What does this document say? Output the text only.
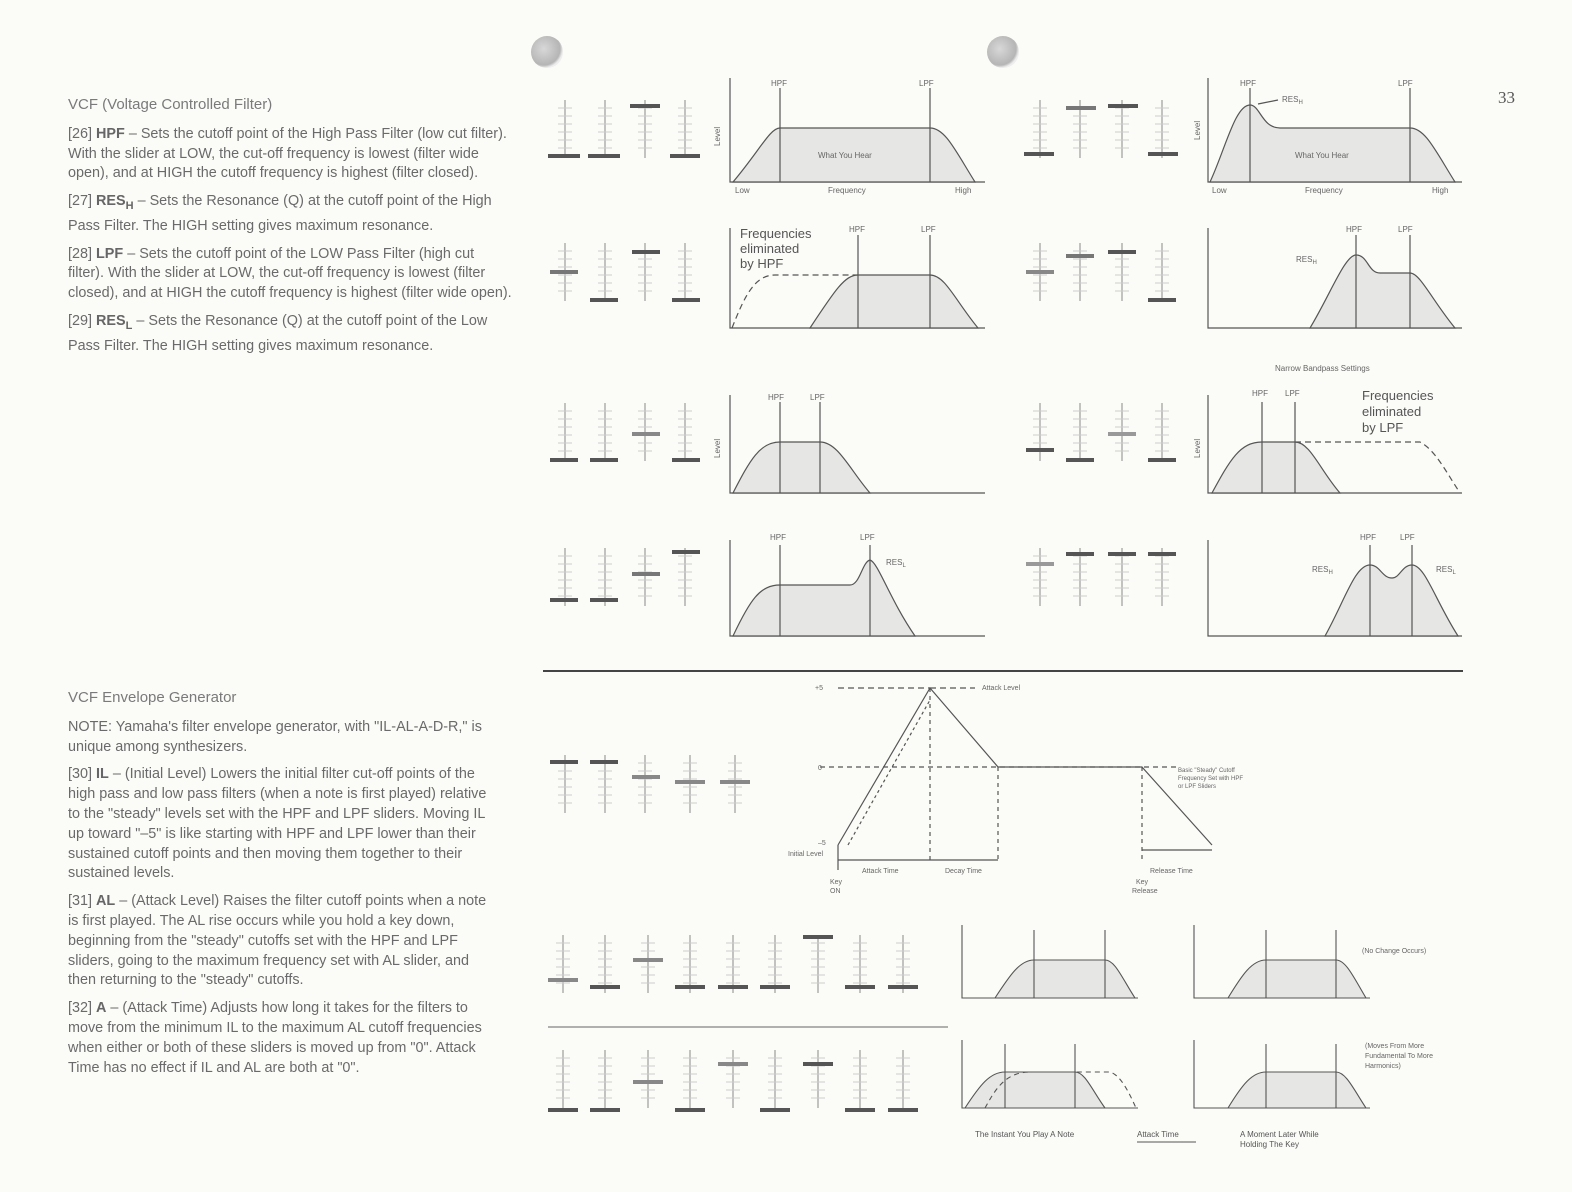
33
VCF (Voltage Controlled Filter)

[26] HPF – Sets the cutoff point of the High Pass Filter (low cut filter). With the slider at LOW, the cut-off frequency is lowest (filter wide open), and at HIGH the cutoff frequency is highest (filter closed).

[27] $RES_H$ – Sets the Resonance (Q) at the cutoff point of the High Pass Filter. The HIGH setting gives maximum resonance.

[28] LPF – Sets the cutoff point of the LOW Pass Filter (high cut filter). With the slider at LOW, the cut-off frequency is lowest (filter closed), and at HIGH the cutoff frequency is highest (filter wide open).

[29] $RES_L$ – Sets the Resonance (Q) at the cutoff point of the Low Pass Filter. The HIGH setting gives maximum resonance.

VCF Envelope Generator

NOTE: Yamaha's filter envelope generator, with "IL-AL-A-D-R," is unique among synthesizers.

[30] IL – (Initial Level) Lowers the initial filter cut-off points of the high pass and low pass filters (when a note is first played) relative to the "steady" levels set with the HPF and LPF sliders. Moving IL up toward "–5" is like starting with HPF and LPF lower than their sustained cutoff points and then moving them together to their sustained levels.

[31] AL – (Attack Level) Raises the filter cutoff points when a note is first played. The AL rise occurs while you hold a key down, beginning from the "steady" cutoffs set with the HPF and LPF sliders, going to the maximum frequency set with AL slider, and then returning to the "steady" cutoffs.

[32] A – (Attack Time) Adjusts how long it takes for the filters to move from the minimum IL to the maximum AL cutoff frequencies when either or both of these sliders is moved up from "0". Attack Time has no effect if IL and AL are both at "0".

HPF	LPF
Level
What You Hear
Low	Frequency	High
Frequencies
eliminated
by HPF
HPF	LPF
HPF	LPF
Level
HPF	LPF
$RES_L$
HPF	LPF
$RES_H$
Level
What You Hear
Low	Frequency	High
HPF	LPF
$RES_H$
Narrow Bandpass Settings
HPF LPF
Level
Frequencies
eliminated
by LPF
HPF	LPF
$RES_H$	$RES_L$
+5	Attack Level
0
–5
Initial Level
Attack Time	Decay Time	Release Time
Key
ON
Key
Release
Basic "Steady" Cutoff
Frequency Set with HPF
or LPF Sliders
(No Change Occurs)
(Moves From More
Fundamental To More
Harmonics)
The Instant You Play A Note	Attack Time	A Moment Later While
Holding The Key
